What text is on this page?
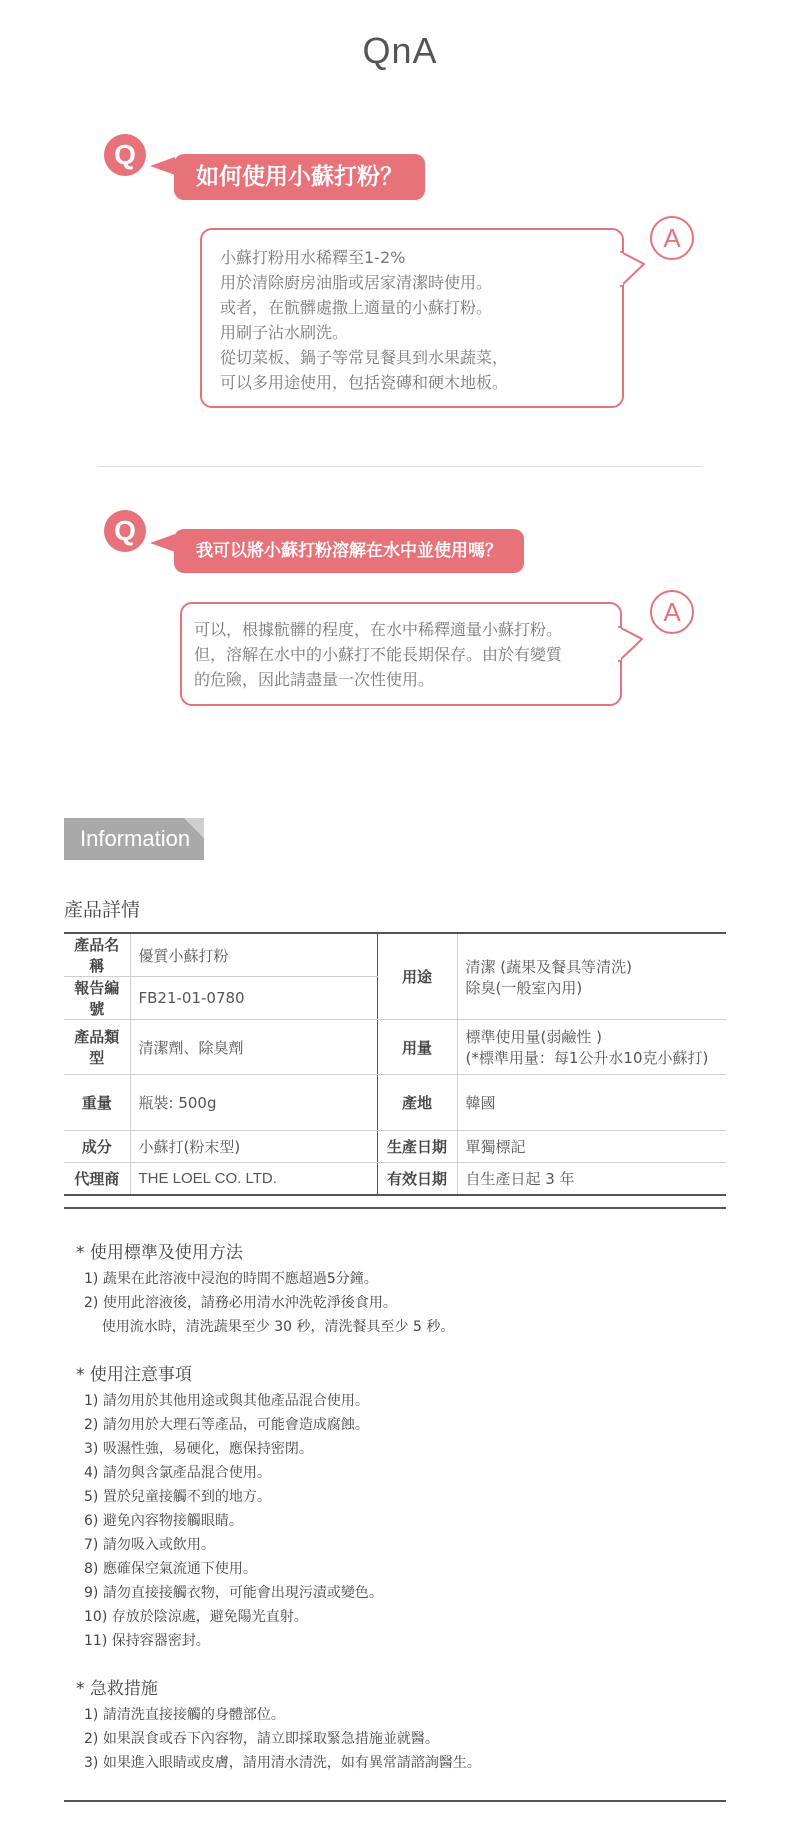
QnA
Q
如何使用小蘇打粉？
小蘇打粉用水稀釋至1-2%
用於清除廚房油脂或居家清潔時使用。
或者，在骯髒處撒上適量的小蘇打粉。
用刷子沾水刷洗。
從切菜板、鍋子等常見餐具到水果蔬菜，
可以多用途使用，包括瓷磚和硬木地板。
A
Q
我可以將小蘇打粉溶解在水中並使用嗎？
可以，根據骯髒的程度，在水中稀釋適量小蘇打粉。
但，溶解在水中的小蘇打不能長期保存。由於有變質
的危險，因此請盡量一次性使用。
A
Information
產品詳情
產品名稱	優質小蘇打粉	用途	清潔 (蔬果及餐具等清洗)
除臭(一般室內用)

報告編號	FB21-01-0780		
產品類型	清潔劑、除臭劑	用量	標準使用量(弱鹼性 )
(*標準用量：每1公升水10克小蘇打)

重量	瓶裝: 500g	產地	韓國
成分	小蘇打(粉末型)	生產日期	單獨標記
代理商	THE LOEL CO. LTD.	有效日期	自生產日起 3 年
* 使用標準及使用方法
1) 蔬果在此溶液中浸泡的時間不應超過5分鐘。
2) 使用此溶液後，請務必用清水沖洗乾淨後食用。
使用流水時，清洗蔬果至少 30 秒，清洗餐具至少 5 秒。
* 使用注意事項
1) 請勿用於其他用途或與其他產品混合使用。
2) 請勿用於大理石等產品，可能會造成腐蝕。
3) 吸濕性強，易硬化，應保持密閉。
4) 請勿與含氯產品混合使用。
5) 置於兒童接觸不到的地方。
6) 避免內容物接觸眼睛。
7) 請勿吸入或飲用。
8) 應確保空氣流通下使用。
9) 請勿直接接觸衣物，可能會出現污漬或變色。
10) 存放於陰涼處，避免陽光直射。
11) 保持容器密封。
* 急救措施
1) 請清洗直接接觸的身體部位。
2) 如果誤食或吞下內容物，請立即採取緊急措施並就醫。
3) 如果進入眼睛或皮膚，請用清水清洗，如有異常請諮詢醫生。
